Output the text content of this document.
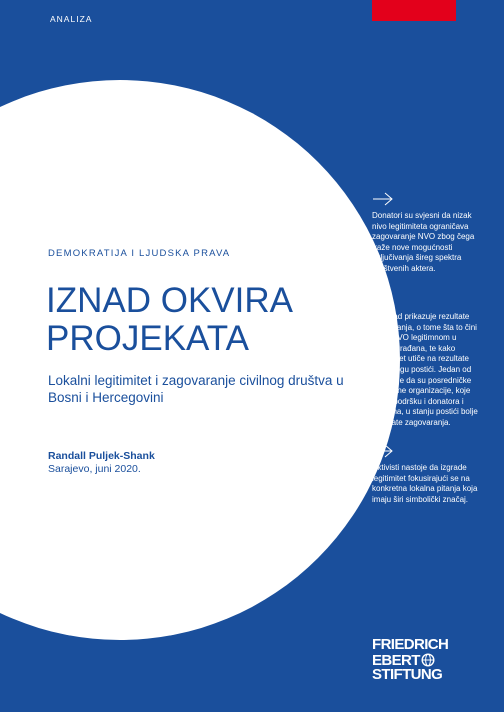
ANALIZA
DEMOKRATIJA I LJUDSKA PRAVA
IZNAD OKVIRA
PROJEKATA
Lokalni legitimitet i zagovaranje civilnog društva u Bosni i Hercegovini
Randall Puljek-Shank
Sarajevo, juni 2020.
Donatori su svjesni da nizak nivo legitimiteta ograničava zagovaranje NVO zbog čega traže nove mogućnosti uključivanja šireg spektra društvenih aktera.
Ovaj rad prikazuje rezultate istraživanja, o tome šta to čini neku NVO legitimnom u očima građana, te kako legitimitet utiče na rezultate koje mogu postići. Jedan od nalaza je da su posredničke nevladine organizacije, koje imaju podršku i donatora i građana, u stanju postići bolje razultate zagovaranja.
Aktivisti nastoje da izgrade legitimitet fokusirajući se na konkretna lokalna pitanja koja imaju širi simbolički značaj.
FRIEDRICH
EBERT
STIFTUNG
